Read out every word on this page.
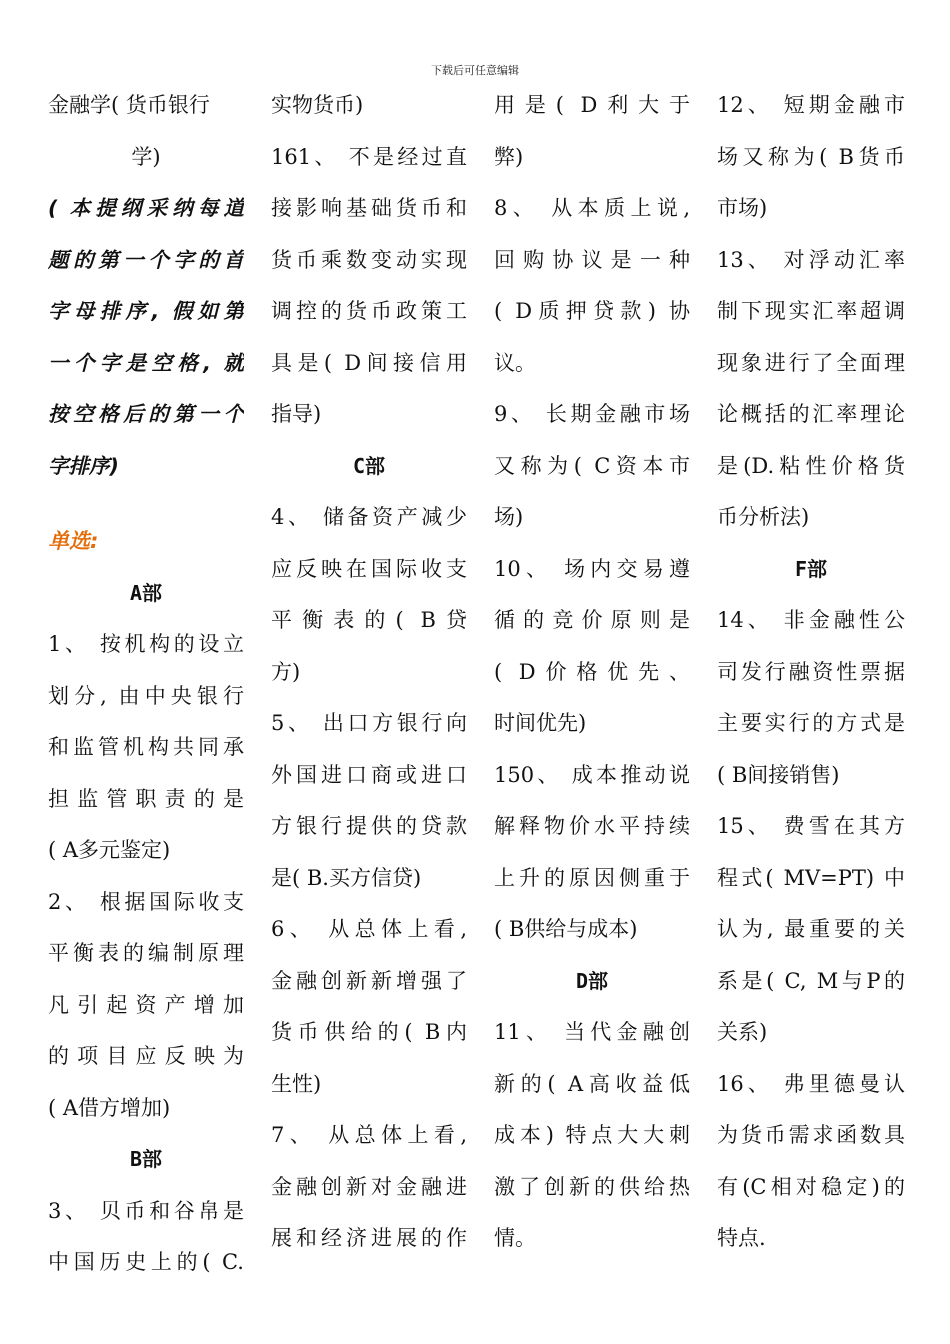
下载后可任意编辑

金融学( 货币银行

学)

( 本提纲采纳每道

题的第一个字的首

字母排序, 假如第

一个字是空格, 就

按空格后的第一个

字排序)

单选:

A部

1、 按机构的设立

划分, 由中央银行

和监管机构共同承

担监管职责的是

( A多元鉴定)

2、 根据国际收支

平衡表的编制原理

凡引起资产增加

的项目应反映为

( A借方增加)

B部

3、 贝币和谷帛是

中国历史上的( C.

实物货币)

161、 不是经过直

接影响基础货币和

货币乘数变动实现

调控的货币政策工

具是( D间接信用

指导)

C部

4、 储备资产减少

应反映在国际收支

平衡表的( B贷

方)

5、 出口方银行向

外国进口商或进口

方银行提供的贷款

是( B.买方信贷)

6、 从总体上看,

金融创新新增强了

货币供给的( B内

生性)

7、 从总体上看,

金融创新对金融进

展和经济进展的作

用是( D利大于

弊)

8、 从本质上说,

回购协议是一种

( D质押贷款) 协

议。

9、 长期金融市场

又称为( C资本市

场)

10、 场内交易遵

循的竞价原则是

( D价格优先、

时间优先)

150、 成本推动说

解释物价水平持续

上升的原因侧重于

( B供给与成本)

D部

11、 当代金融创

新的( A高收益低

成本) 特点大大刺

激了创新的供给热

情。

12、 短期金融市

场又称为( B货币

市场)

13、 对浮动汇率

制下现实汇率超调

现象进行了全面理

论概括的汇率理论

是(D.粘性价格货

币分析法)

F部

14、 非金融性公

司发行融资性票据

主要实行的方式是

( B间接销售)

15、 费雪在其方

程式( MV=PT) 中

认为, 最重要的关

系是( C, M与P的

关系)

16、 弗里德曼认

为货币需求函数具

有(C相对稳定)的

特点.
